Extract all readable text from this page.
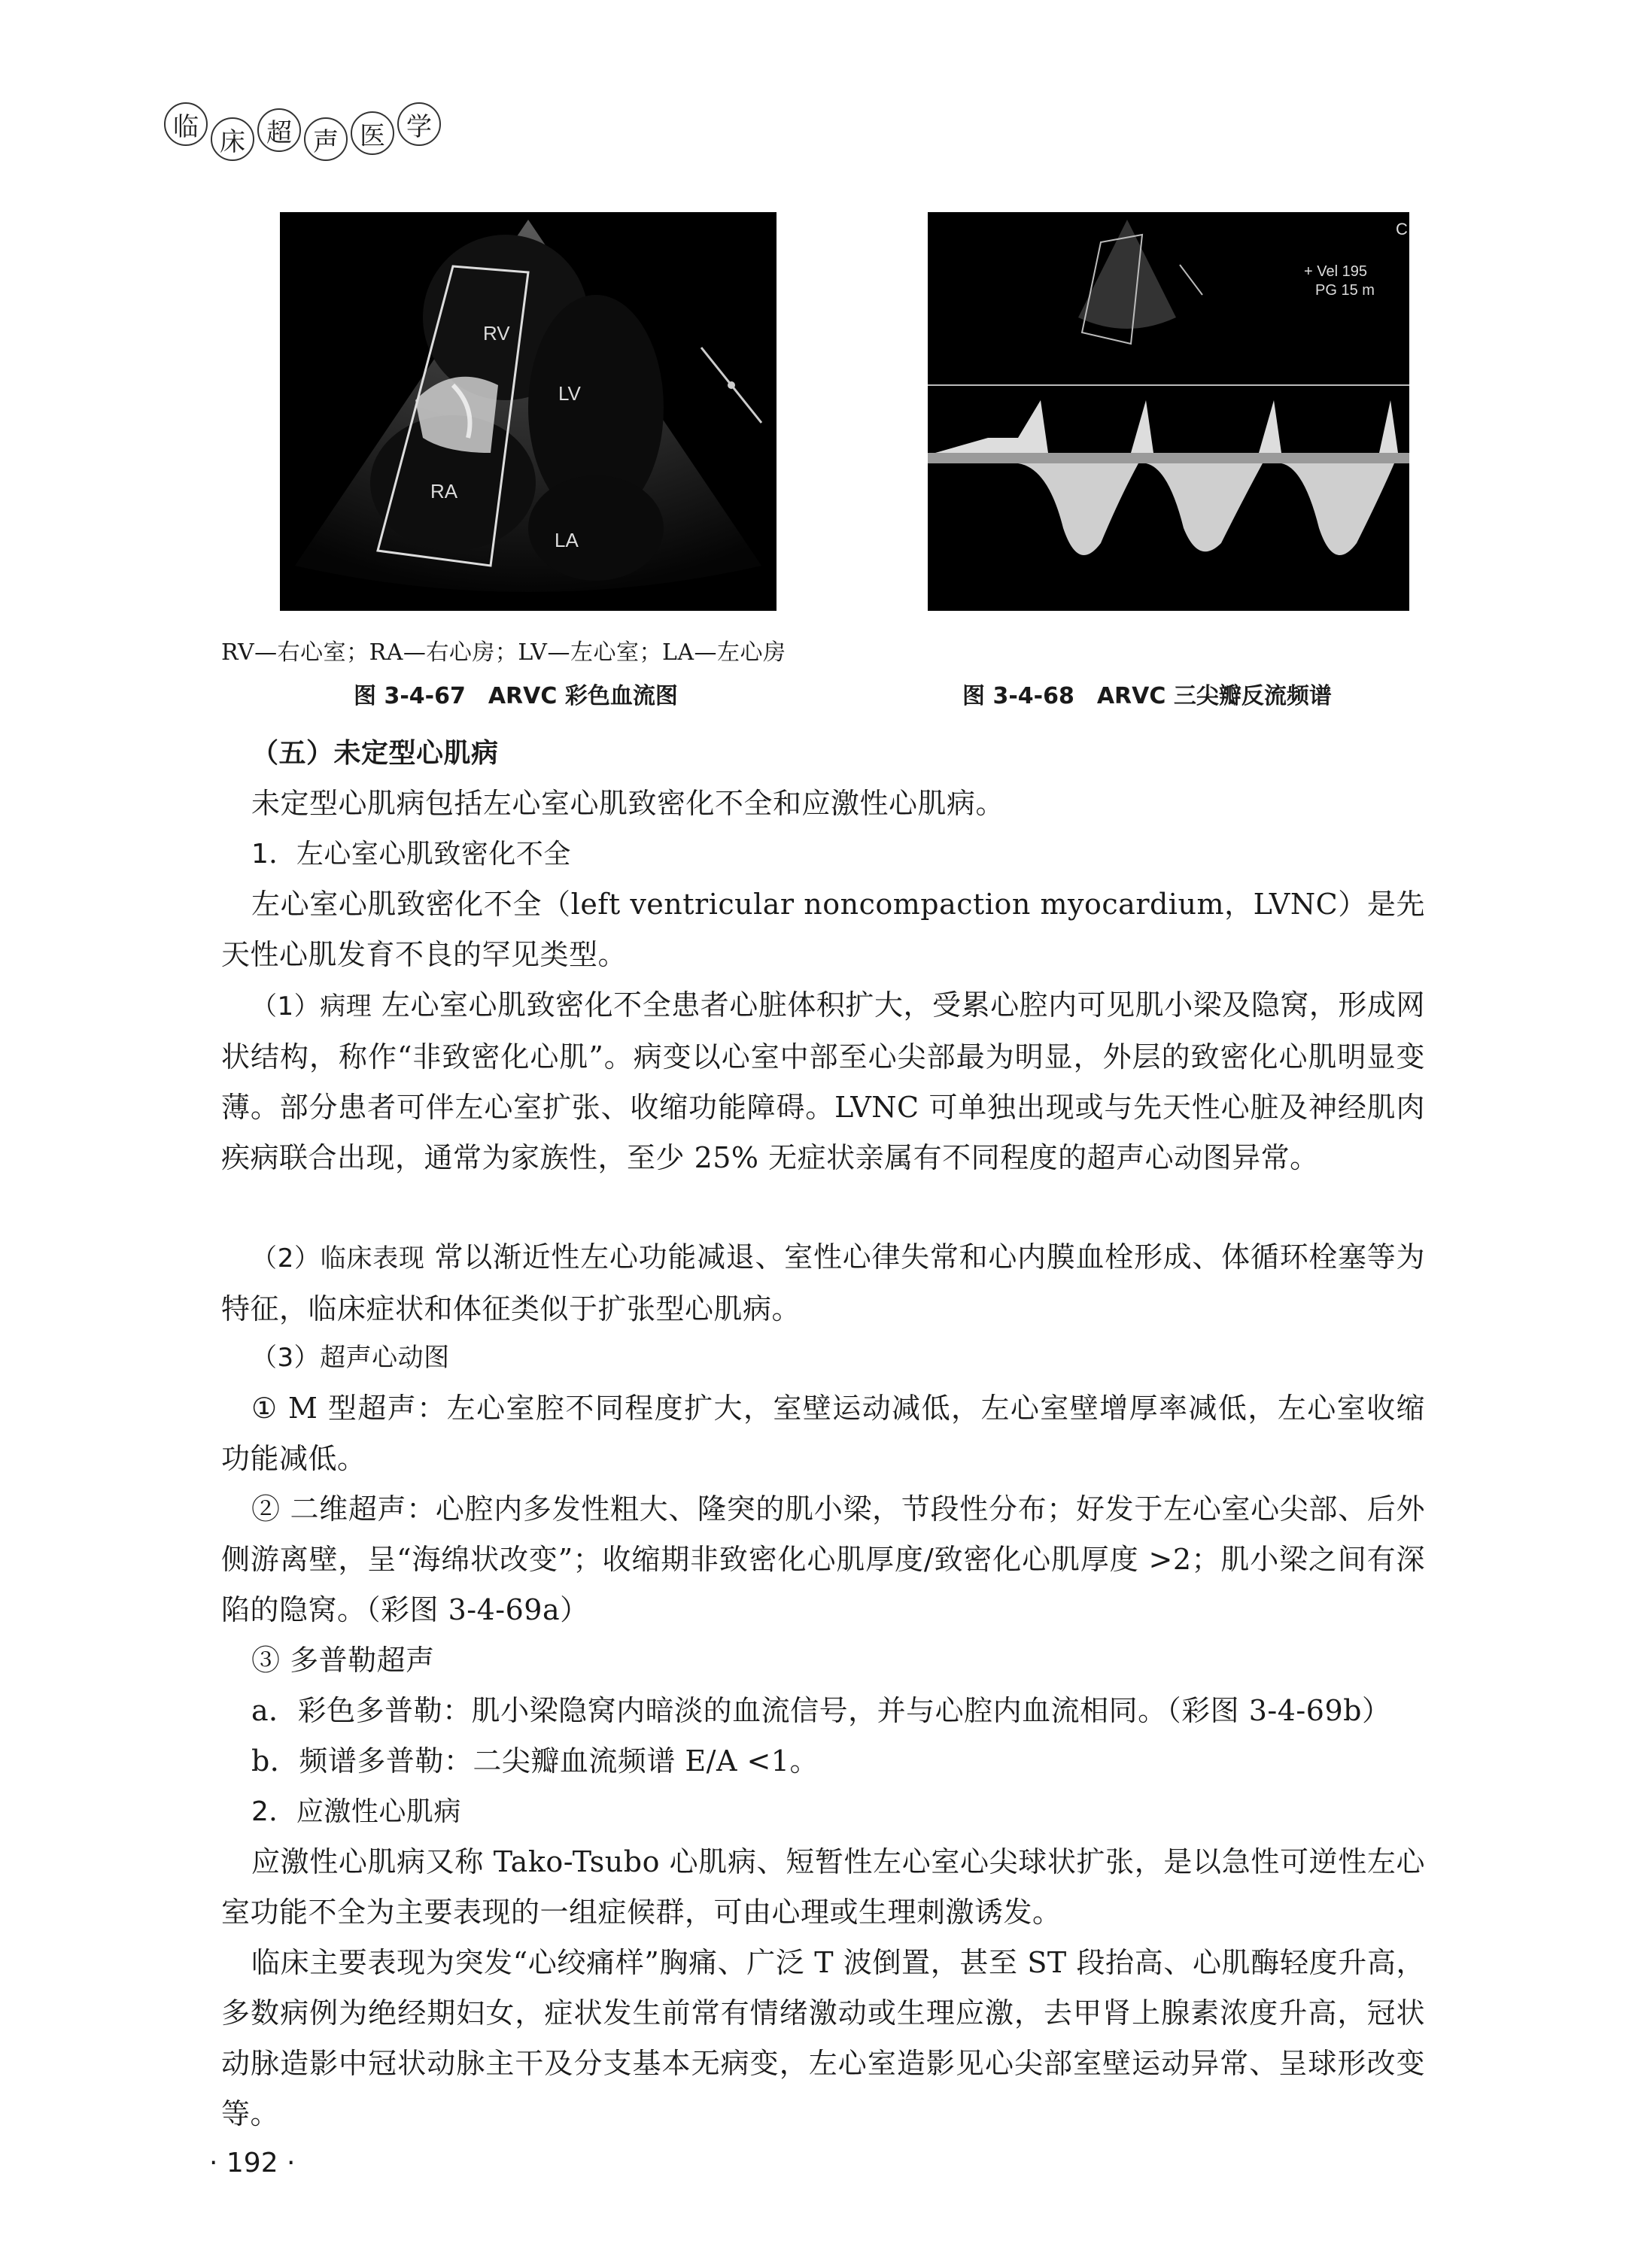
临 床 超 声 医 学
RV
LV
RA
LA
C
+ Vel 195
PG 15 m
RV—右心室；RA—右心房；LV—左心室；LA—左心房
图 3-4-67　ARVC 彩色血流图	图 3-4-68　ARVC 三尖瓣反流频谱
（五）未定型心肌病
未定型心肌病包括左心室心肌致密化不全和应激性心肌病。
1．左心室心肌致密化不全
左心室心肌致密化不全（left ventricular noncompaction myocardium，LVNC）是先天性心肌发育不良的罕见类型。
（1）病理 左心室心肌致密化不全患者心脏体积扩大，受累心腔内可见肌小梁及隐窝，形成网状结构，称作“非致密化心肌”。病变以心室中部至心尖部最为明显，外层的致密化心肌明显变薄。部分患者可伴左心室扩张、收缩功能障碍。LVNC 可单独出现或与先天性心脏及神经肌肉疾病联合出现，通常为家族性，至少 25% 无症状亲属有不同程度的超声心动图异常。
（2）临床表现 常以渐近性左心功能减退、室性心律失常和心内膜血栓形成、体循环栓塞等为特征，临床症状和体征类似于扩张型心肌病。
（3）超声心动图
① M 型超声：左心室腔不同程度扩大，室壁运动减低，左心室壁增厚率减低，左心室收缩功能减低。
② 二维超声：心腔内多发性粗大、隆突的肌小梁，节段性分布；好发于左心室心尖部、后外侧游离壁，呈“海绵状改变”；收缩期非致密化心肌厚度/致密化心肌厚度 >2；肌小梁之间有深陷的隐窝。（彩图 3-4-69a）
③ 多普勒超声
a．彩色多普勒：肌小梁隐窝内暗淡的血流信号，并与心腔内血流相同。（彩图 3-4-69b）
b．频谱多普勒：二尖瓣血流频谱 E/A <1。
2．应激性心肌病
应激性心肌病又称 Tako-Tsubo 心肌病、短暂性左心室心尖球状扩张，是以急性可逆性左心室功能不全为主要表现的一组症候群，可由心理或生理刺激诱发。
临床主要表现为突发“心绞痛样”胸痛、广泛 T 波倒置，甚至 ST 段抬高、心肌酶轻度升高，多数病例为绝经期妇女，症状发生前常有情绪激动或生理应激，去甲肾上腺素浓度升高，冠状动脉造影中冠状动脉主干及分支基本无病变，左心室造影见心尖部室壁运动异常、呈球形改变等。
· 192 ·
